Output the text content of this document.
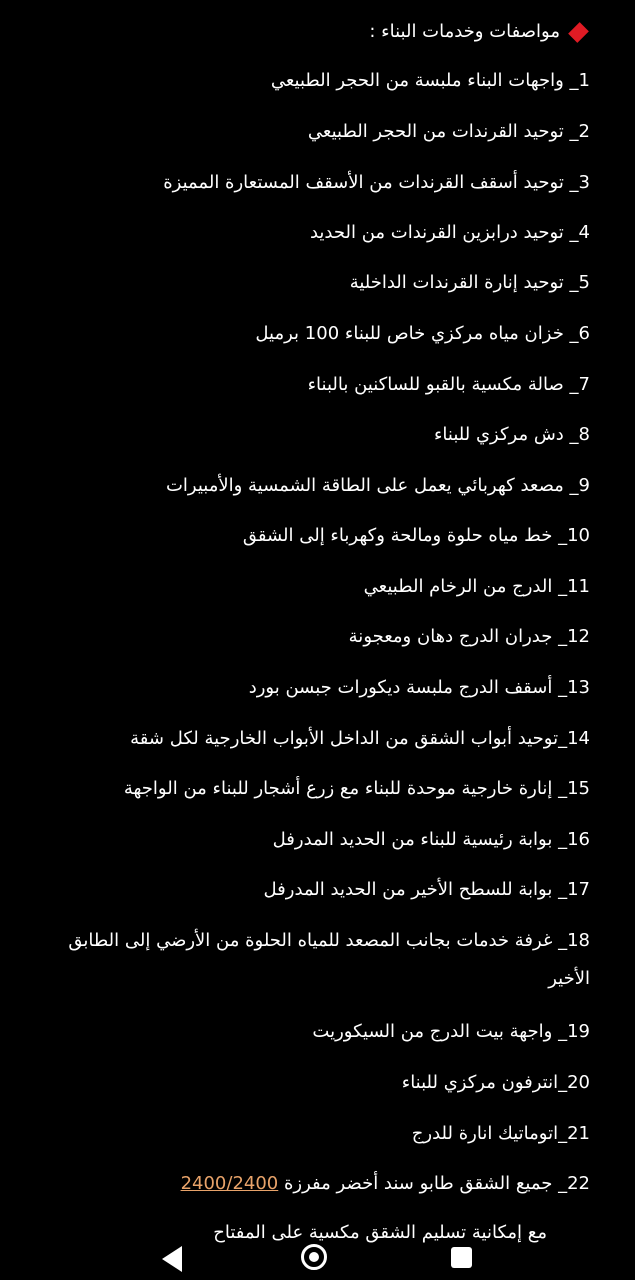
مواصفات وخدمات البناء :
1_ واجهات البناء ملبسة من الحجر الطبيعي
2_ توحيد القرندات من الحجر الطبيعي
3_ توحيد أسقف القرندات من الأسقف المستعارة المميزة
4_ توحيد درابزين القرندات من الحديد
5_ توحيد إنارة القرندات الداخلية
6_ خزان مياه مركزي خاص للبناء 100 برميل
7_ صالة مكسية بالقبو للساكنين بالبناء
8_ دش مركزي للبناء
9_ مصعد كهربائي يعمل على الطاقة الشمسية والأمبيرات
10_ خط مياه حلوة ومالحة وكهرباء إلى الشقق
11_ الدرج من الرخام الطبيعي
12_ جدران الدرج دهان ومعجونة
13_ أسقف الدرج ملبسة ديكورات جبسن بورد
14_توحيد أبواب الشقق من الداخل الأبواب الخارجية لكل شقة
15_ إنارة خارجية موحدة للبناء مع زرع أشجار للبناء من الواجهة
16_ بوابة رئيسية للبناء من الحديد المدرفل
17_ بوابة للسطح الأخير من الحديد المدرفل
18_ غرفة خدمات بجانب المصعد للمياه الحلوة من الأرضي إلى الطابق الأخير
19_ واجهة بيت الدرج من السيكوريت
20_انترفون مركزي للبناء
21_اتوماتيك انارة للدرج
22_ جميع الشقق طابو سند أخضر مفرزة 2400/2400
مع إمكانية تسليم الشقق مكسية على المفتاح
